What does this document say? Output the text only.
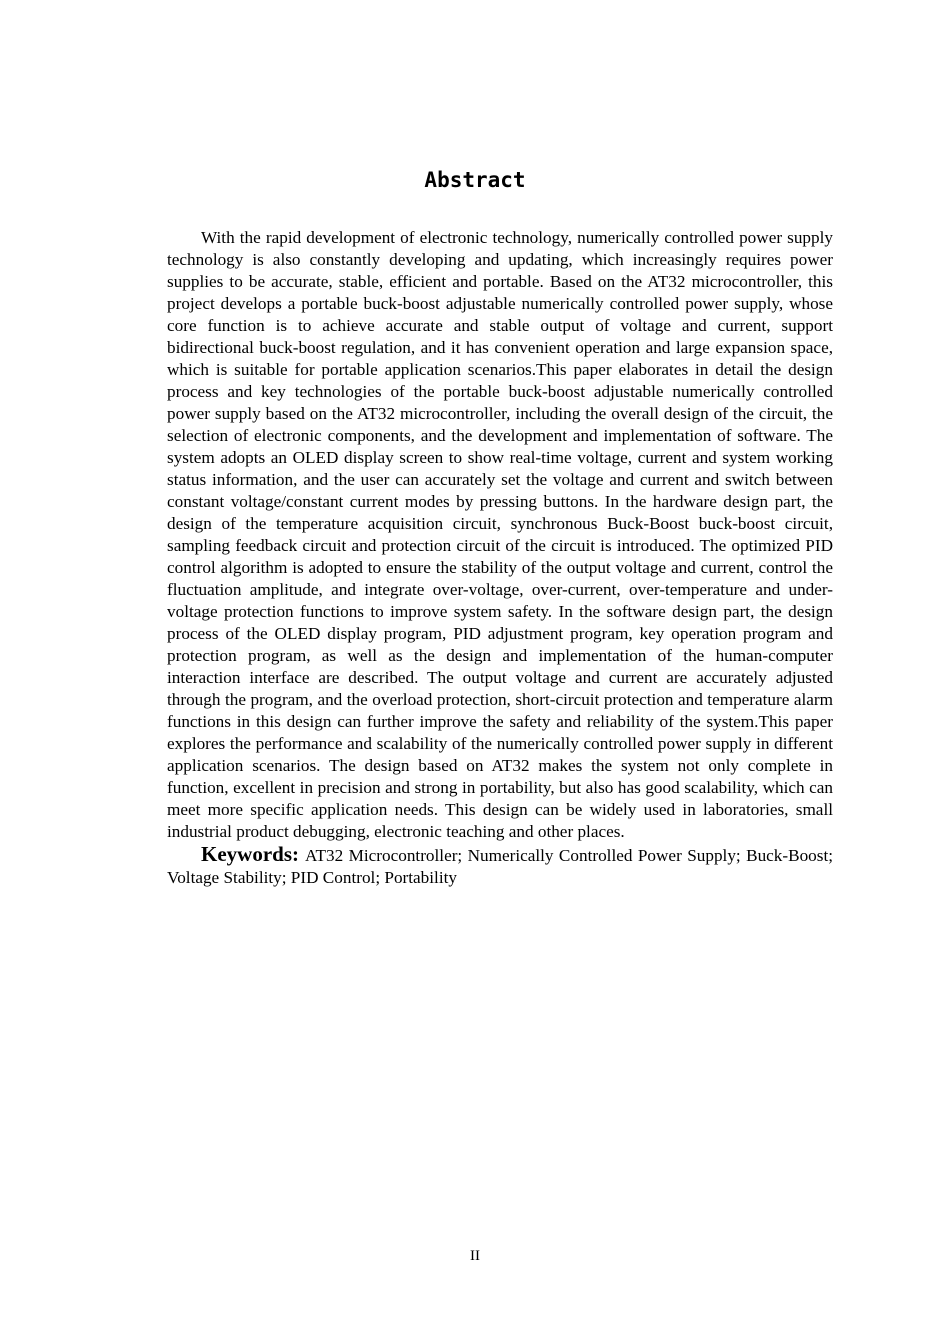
Abstract

With the rapid development of electronic technology, numerically controlled power supply technology is also constantly developing and updating, which increasingly requires power supplies to be accurate, stable, efficient and portable. Based on the AT32 microcontroller, this project develops a portable buck-boost adjustable numerically controlled power supply, whose core function is to achieve accurate and stable output of voltage and current, support bidirectional buck-boost regulation, and it has convenient operation and large expansion space, which is suitable for portable application scenarios.This paper elaborates in detail the design process and key technologies of the portable buck-boost adjustable numerically controlled power supply based on the AT32 microcontroller, including the overall design of the circuit, the selection of electronic components, and the development and implementation of software. The system adopts an OLED display screen to show real-time voltage, current and system working status information, and the user can accurately set the voltage and current and switch between constant voltage/constant current modes by pressing buttons. In the hardware design part, the design of the temperature acquisition circuit, synchronous Buck-Boost buck-boost circuit, sampling feedback circuit and protection circuit of the circuit is introduced. The optimized PID control algorithm is adopted to ensure the stability of the output voltage and current, control the fluctuation amplitude, and integrate over-voltage, over-current, over-temperature and under-voltage protection functions to improve system safety. In the software design part, the design process of the OLED display program, PID adjustment program, key operation program and protection program, as well as the design and implementation of the human-computer interaction interface are described. The output voltage and current are accurately adjusted through the program, and the overload protection, short-circuit protection and temperature alarm functions in this design can further improve the safety and reliability of the system.This paper explores the performance and scalability of the numerically controlled power supply in different application scenarios. The design based on AT32 makes the system not only complete in function, excellent in precision and strong in portability, but also has good scalability, which can meet more specific application needs. This design can be widely used in laboratories, small industrial product debugging, electronic teaching and other places.

Keywords: AT32 Microcontroller; Numerically Controlled Power Supply; Buck-Boost; Voltage Stability; PID Control; Portability
II
